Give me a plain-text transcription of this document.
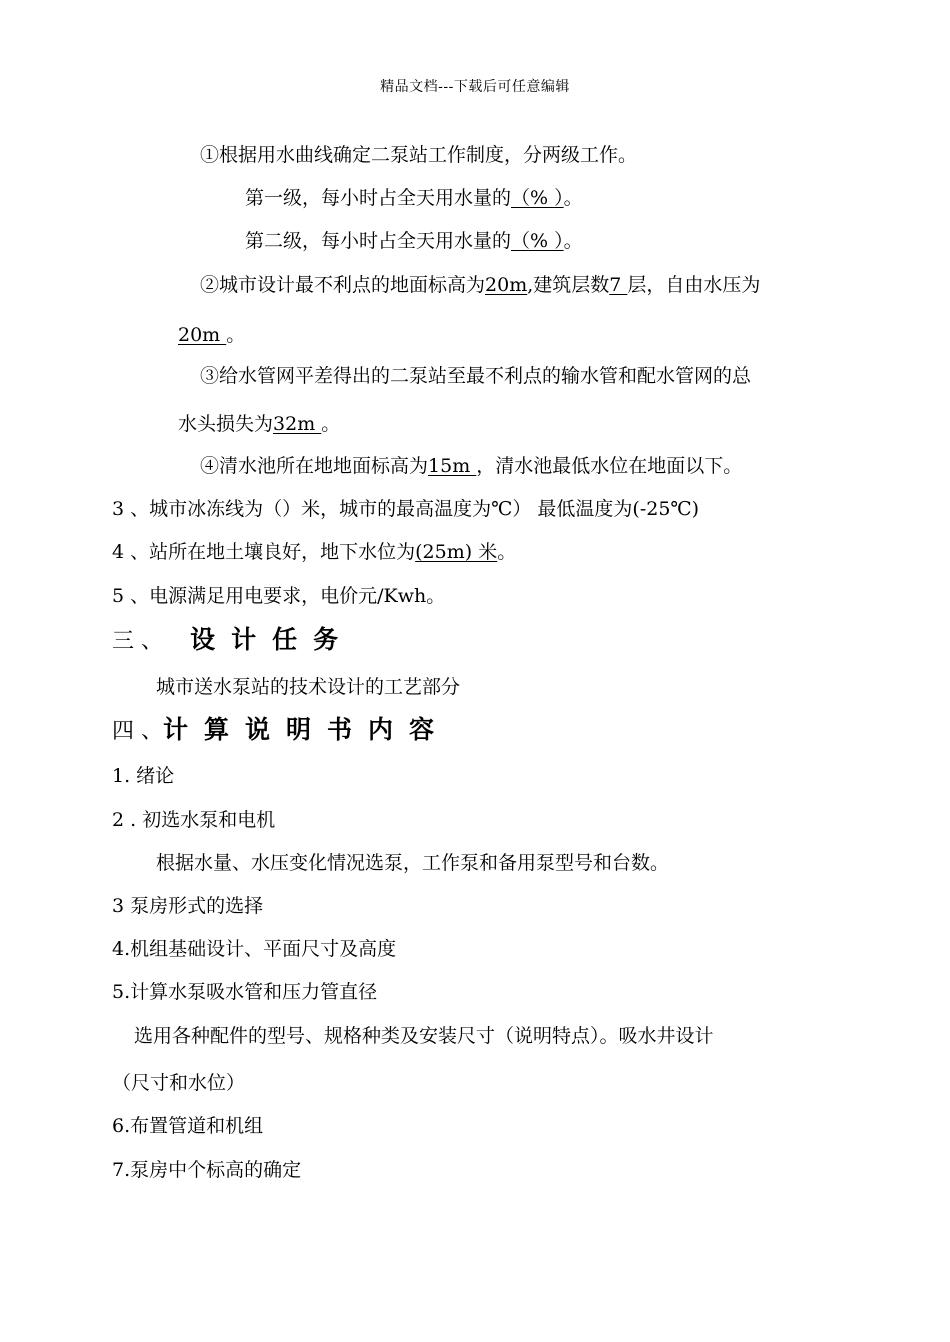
精品文档---下载后可任意编辑
①根据用水曲线确定二泵站工作制度，分两级工作。
第一级，每小时占全天用水量的（% ）。
第二级，每小时占全天用水量的（% ）。
②城市设计最不利点的地面标高为20m,建筑层数7 层，自由水压为
20m 。
③给水管网平差得出的二泵站至最不利点的输水管和配水管网的总
水头损失为32m 。
④清水池所在地地面标高为15m ，清水池最低水位在地面以下。
3 、城市冰冻线为（）米，城市的最高温度为℃） 最低温度为(-25℃)
4 、站所在地土壤良好，地下水位为(25m) 米。
5 、电源满足用电要求，电价元/Kwh。
三 、 设计任务
城市送水泵站的技术设计的工艺部分
四 、计算说明书内容
1. 绪论
2 . 初选水泵和电机
根据水量、水压变化情况选泵，工作泵和备用泵型号和台数。
3 泵房形式的选择
4.机组基础设计、平面尺寸及高度
5.计算水泵吸水管和压力管直径
选用各种配件的型号、规格种类及安装尺寸（说明特点）。吸水井设计
（尺寸和水位）
6.布置管道和机组
7.泵房中个标高的确定
